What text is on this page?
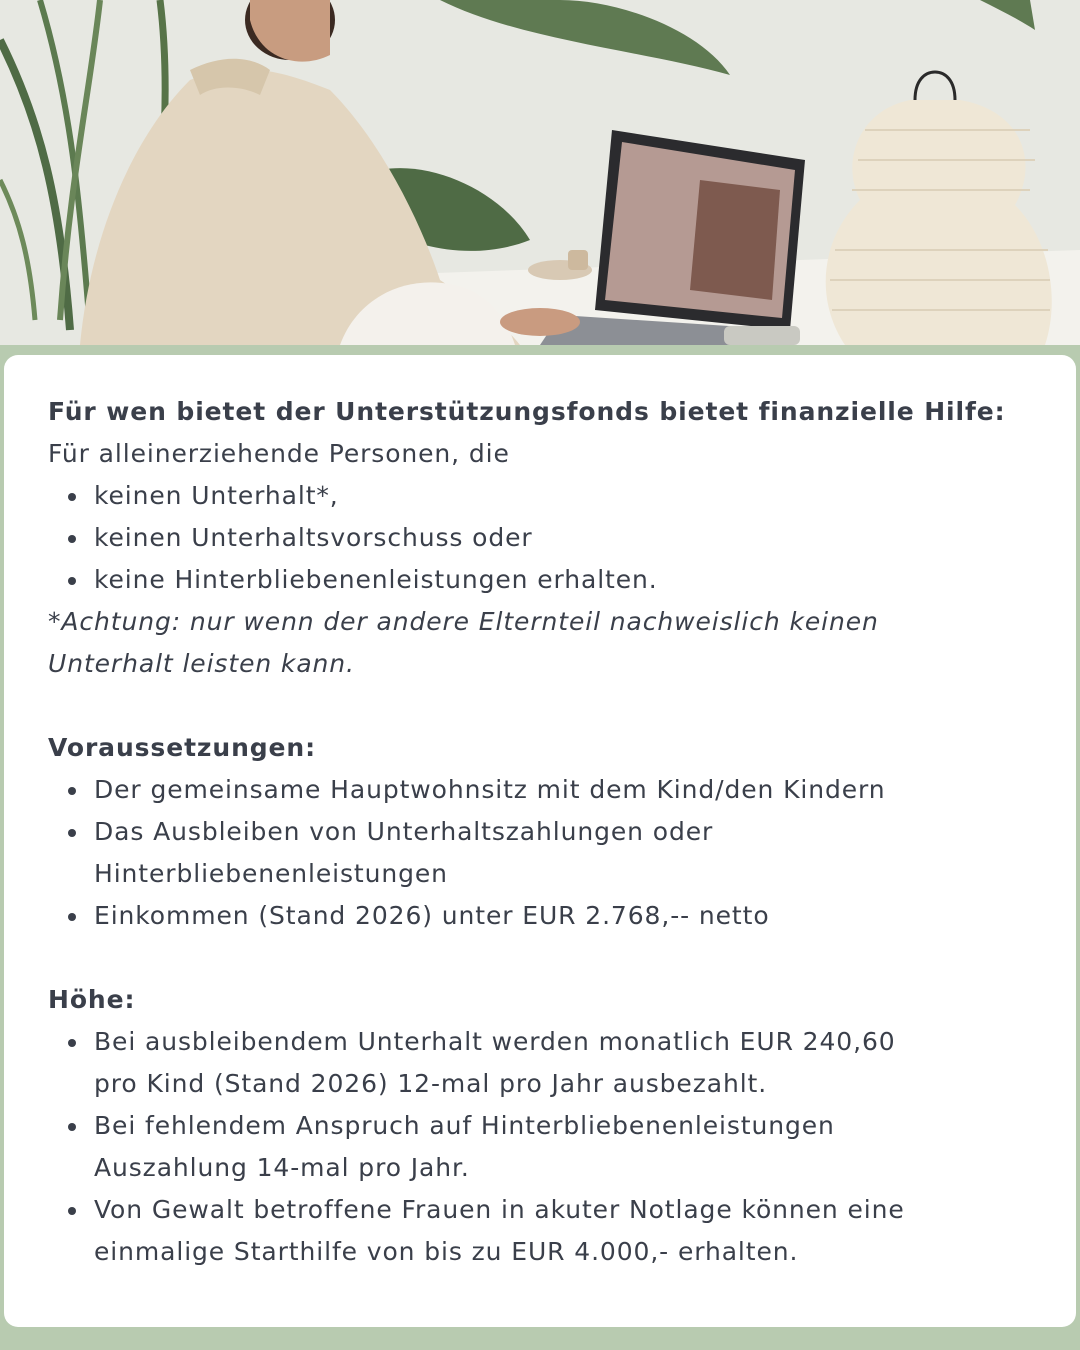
Für wen bietet der Unterstützungsfonds bietet finanzielle Hilfe:

Für alleinerziehende Personen, die

keinen Unterhalt*,
keinen Unterhaltsvorschuss oder
keine Hinterbliebenenleistungen erhalten.

*Achtung: nur wenn der andere Elternteil nachweislich keinen

Unterhalt leisten kann.

Voraussetzungen:

Der gemeinsame Hauptwohnsitz mit dem Kind/den Kindern
Das Ausbleiben von Unterhaltszahlungen oder
Hinterbliebenenleistungen
Einkommen (Stand 2026) unter EUR 2.768,-- netto

Höhe:

Bei ausbleibendem Unterhalt werden monatlich EUR 240,60
pro Kind (Stand 2026) 12-mal pro Jahr ausbezahlt.
Bei fehlendem Anspruch auf Hinterbliebenenleistungen
Auszahlung 14-mal pro Jahr.
Von Gewalt betroffene Frauen in akuter Notlage können eine
einmalige Starthilfe von bis zu EUR 4.000,- erhalten.
